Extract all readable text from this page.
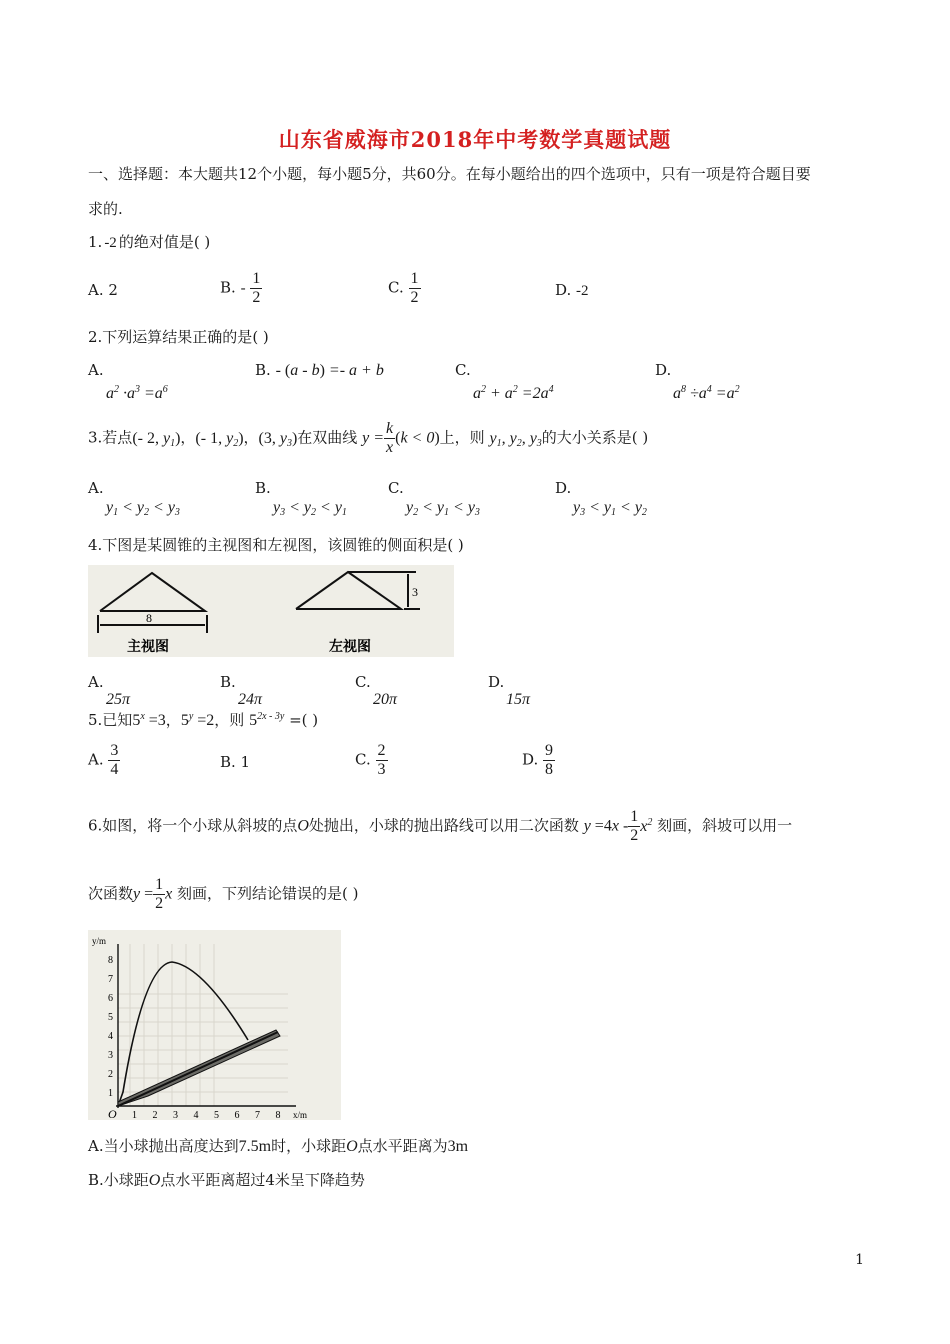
山东省威海市2018年中考数学真题试题
一、选择题：本大题共12个小题，每小题5分，共60分。在每小题给出的四个选项中，只有一项是符合题目要
求的.
1. -2 的绝对值是( )
A. 2	B. - $\frac{1}{2}$	C. $\frac{1}{2}$	D. -2
2.下列运算结果正确的是( )
A.
$a^2 \cdot a^3 =a^6$
B. - (a - b) =- a + b	C.
$a^2 + a^2 =2a^4$
D.
$a^8 \div a^4 =a^2$
3.若点(- 2, $y_1$)，(- 1, $y_2$)，(3, $y_3$)在双曲线 $y = \frac{k}{x} (k < 0)$上，则 $y_1$, $y_2$, $y_3$的大小关系是( )
A.
$y_1 < y_2 < y_3$
B.
$y_3 < y_2 < y_1$
C.
$y_2 < y_1 < y_3$
D.
$y_3 < y_1 < y_2$
4.下图是某圆锥的主视图和左视图，该圆锥的侧面积是( )
8
主视图
3
左视图
A.
25π
B.
24π
C.
20π
D.
15π
5.已知$5^x =3$，$5^y =2$，则 $5^{2x - 3y}$ =( )
A. $\frac{3}{4}$	B. 1	C. $\frac{2}{3}$	D. $\frac{9}{8}$
6.如图，将一个小球从斜坡的点O处抛出，小球的抛出路线可以用二次函数 $y =4x - \frac{1}{2} x^2$ 刻画，斜坡可以用一
次函数$y = \frac{1}{2}$ x 刻画，下列结论错误的是( )
y/m
x/m
O 1 2 3 4 5 6 7 8
1
2
3
4
5
6
7
8
A.当小球抛出高度达到7.5m时，小球距O点水平距离为3m
B.小球距O点水平距离超过4米呈下降趋势
1
